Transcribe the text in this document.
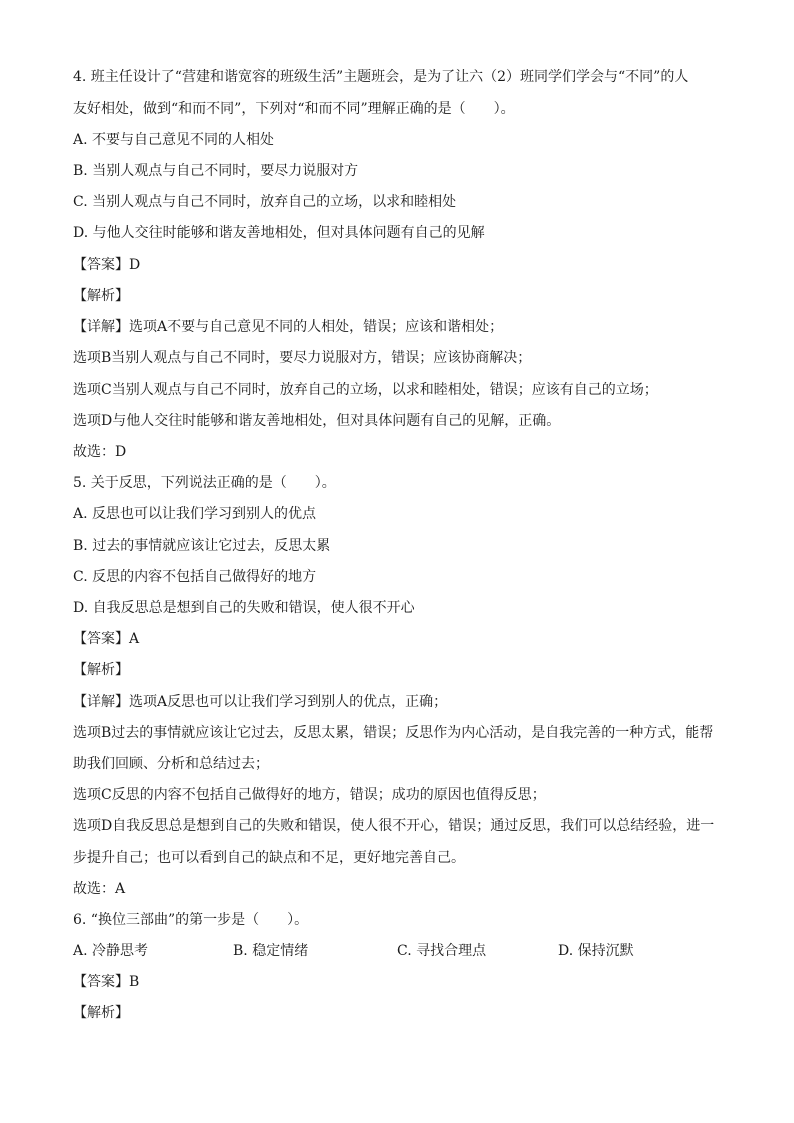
4. 班主任设计了“营建和谐宽容的班级生活”主题班会，是为了让六（2）班同学们学会与“不同”的人
友好相处，做到“和而不同”，下列对“和而不同”理解正确的是（　　）。
A. 不要与自己意见不同的人相处
B. 当别人观点与自己不同时，要尽力说服对方
C. 当别人观点与自己不同时，放弃自己的立场，以求和睦相处
D. 与他人交往时能够和谐友善地相处，但对具体问题有自己的见解
【答案】D
【解析】
【详解】选项A不要与自己意见不同的人相处，错误；应该和谐相处；
选项B当别人观点与自己不同时，要尽力说服对方，错误；应该协商解决；
选项C当别人观点与自己不同时，放弃自己的立场，以求和睦相处，错误；应该有自己的立场；
选项D与他人交往时能够和谐友善地相处，但对具体问题有自己的见解，正确。
故选：D
5. 关于反思，下列说法正确的是（　　）。
A. 反思也可以让我们学习到别人的优点
B. 过去的事情就应该让它过去，反思太累
C. 反思的内容不包括自己做得好的地方
D. 自我反思总是想到自己的失败和错误，使人很不开心
【答案】A
【解析】
【详解】选项A反思也可以让我们学习到别人的优点，正确；
选项B过去的事情就应该让它过去，反思太累，错误；反思作为内心活动，是自我完善的一种方式，能帮
助我们回顾、分析和总结过去；
选项C反思的内容不包括自己做得好的地方，错误；成功的原因也值得反思；
选项D自我反思总是想到自己的失败和错误，使人很不开心，错误；通过反思，我们可以总结经验，进一
步提升自己；也可以看到自己的缺点和不足，更好地完善自己。
故选：A
6. “换位三部曲”的第一步是（　　）。
A. 冷静思考	B. 稳定情绪	C. 寻找合理点	D. 保持沉默
【答案】B
【解析】
